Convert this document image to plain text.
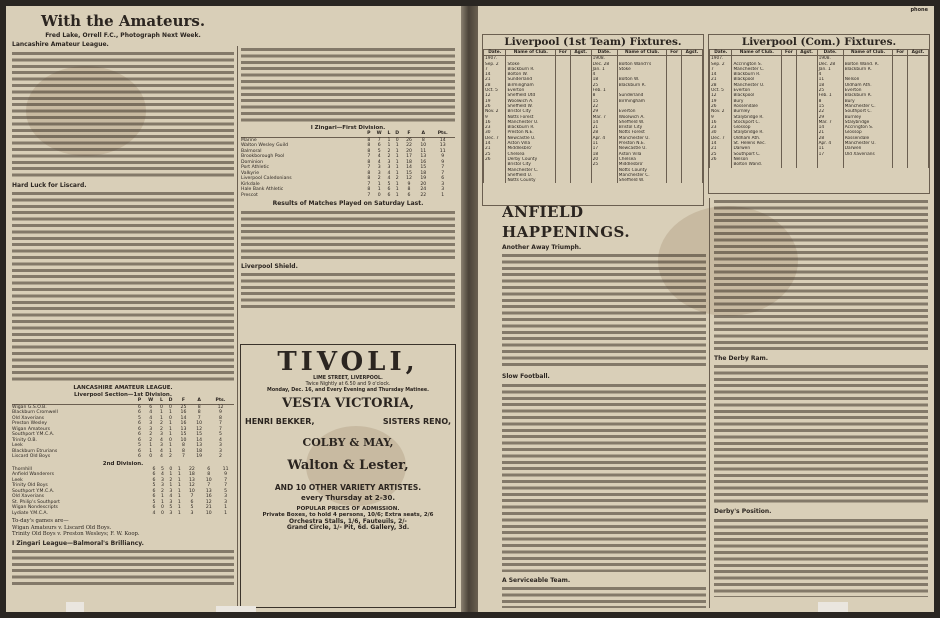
With the Amateurs.
Fred Lake, Orrell F.C., Photograph Next Week.
Lancashire Amateur League.
Hard Luck for Liscard.
LANCASHIRE AMATEUR LEAGUE.
Liverpool Section—1st Division.
	P	W	L	D	F	A	Pts.
Wigan G.S.O.B.	6	6	0	0	25	8	12
Blackburn Cromwell	6	4	1	1	16	8	9
Old Xaverians	5	4	1	0	14	7	8
Preston Wesley	6	3	2	1	16	10	7
Wigan Amateurs	6	3	2	1	13	12	7
Southport Y.M.C.A.	6	2	3	1	15	15	5
Trinity O.B.	6	2	4	0	10	14	4
Leek	5	1	3	1	8	13	3
Blackburn Etrurians	6	1	4	1	8	18	3
Liscard Old Boys	6	0	4	2	7	19	2
2nd Division.
Thornhill	6	5	0	1	22	6	11
Anfield Wanderers	6	4	1	1	18	8	9
Leek	6	3	2	1	13	10	7
Trinity Old Boys	5	3	1	1	12	7	7
Southport Y.M.C.A.	6	2	3	1	10	13	5
Old Xaverians	6	1	4	1	7	16	3
St. Philip's Southport	5	1	3	1	6	12	3
Wigan Nondescripts	6	0	5	1	5	21	1
Lydiate Y.M.C.A.	4	0	3	1	3	10	1
To-day's games are—
Wigan Amateurs v. Liscard Old Boys.
Trinity Old Boys v. Preston Wesleys; F. W. Koop.
I Zingari League—Balmoral's Brilliancy.
I Zingari—First Division.
	P	W	L	D	F	A	Pts.
Marine	8	7	1	0	26	8	14
Walton Wesley Guild	8	6	1	1	22	10	13
Balmoral	8	5	2	1	20	11	11
Brookborough Pool	7	4	2	1	17	13	9
Dominion	8	4	3	1	18	16	9
Port Athletic	7	3	3	1	14	15	7
Valkyrie	8	3	4	1	15	18	7
Liverpool Caledonians	8	2	4	2	12	19	6
Kirkdale	7	1	5	1	9	20	3
Hale Bank Athletic	8	1	6	1	8	24	3
Prescot	7	0	6	1	6	22	1
Results of Matches Played on Saturday Last.
Liverpool Shield.
TIVOLI,
LIME STREET, LIVERPOOL.
Twice Nightly at 6.50 and 9 o'clock.
Monday, Dec. 16, and Every Evening and Thursday Matinee.
VESTA VICTORIA,
HENRI BEKKER,	SISTERS RENO,
COLBY & MAY,
Walton & Lester,
AND 10 OTHER VARIETY ARTISTES.
every Thursday at 2-30.
POPULAR PRICES OF ADMISSION.
Private Boxes, to hold 4 persons, 10/6; Extra seats, 2/6
Orchestra Stalls, 1/6, Fauteuils, 2/-
Grand Circle, 1/- Pit, 6d. Gallery, 3d.
phone
Liverpool (1st Team) Fixtures.
Date.	Name of Club.	For	Agst.	Date.	Name of Club.	For	Agst.
1907.				1908.			
Sep. 2	Stoke			Dec. 28	Bolton Wand'rs		
7	Blackburn R.			Jan. 1	Stoke		
14	Bolton W.			4			
21	Sunderland			18	Bolton W.		
28	Birmingham			25	Blackburn R.		
Oct. 5	Everton			Feb. 1			
12	Sheffield Utd			8	Sunderland		
19	Woolwich A.			15	Birmingham		
26	Sheffield W.			22			
Nov. 2	Bristol City			29	Everton		
9	Notts Forest			Mar. 7	Woolwich A.		
16	Manchester U.			14	Sheffield W.		
23	Blackburn R.			21	Bristol City		
30	Preston N.E.			28	Notts Forest		
Dec. 7	Newcastle U.			Apr. 4	Manchester U.		
14	Aston Villa			11	Preston N.E.		
21	Middlesbro'			17	Newcastle U.		
25	Chelsea			18	Aston Villa		
26	Derby County			20	Chelsea		
	Bristol City			25	Middlesbro'		
	Manchester C.				Notts County		
	Sheffield U.				Manchester C.		
	Notts County				Sheffield W.		
Liverpool (Com.) Fixtures.
Date.	Name of Club.	For	Agst.	Date.	Name of Club.	For	Agst.
1907.				1908.			
Sep. 2	Accrington S.			Dec. 28	Bolton Wand. R.		
7	Manchester C.			Jan. 1	Blackburn R.		
14	Blackburn R.			4			
21	Blackpool			11	Nelson		
28	Manchester U.			18	Oldham Ath.		
Oct. 5	Everton			25	Everton		
12	Blackpool			Feb. 1	Blackburn R.		
19	Bury			8	Bury		
26	Rossendale			15	Manchester C.		
Nov. 2	Burnley			22	Southport C.		
9	Stalybridge R.			29	Burnley		
16	Stockport C.			Mar. 7	Stalybridge		
23	Glossop			14	Accrington S.		
30	Stalybridge R.			21	Glossop		
Dec. 7	Oldham Ath.			28	Rossendale		
14	St. Helens Rec.			Apr. 4	Manchester U.		
21	Darwen			11	Darwen		
25	Southport C.			17	Old Xaverians		
26	Nelson						
	Bolton Wand.						
ANFIELD HAPPENINGS.
Another Away Triumph.
Slow Football.
A Serviceable Team.
The Derby Ram.
Derby's Position.
